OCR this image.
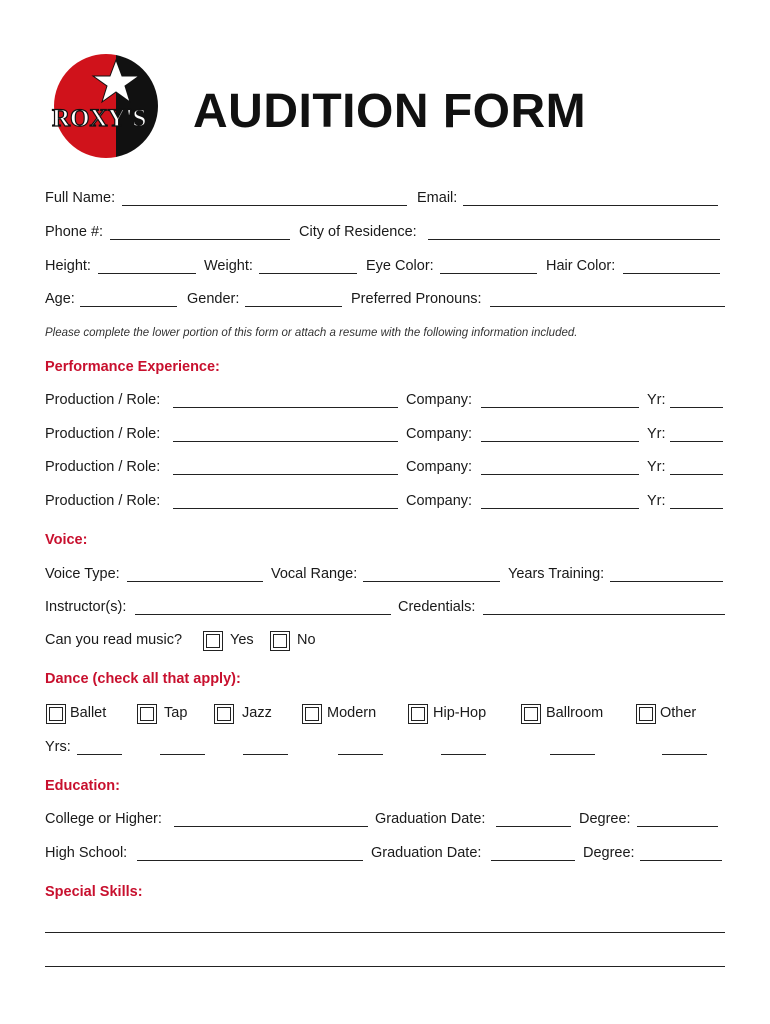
ROXY'S AUDITION FORM
Full Name:	Email:
Phone #:	City of Residence:
Height:	Weight:	Eye Color:	Hair Color:
Age:	Gender:	Preferred Pronouns:
Please complete the lower portion of this form or attach a resume with the following information included.
Performance Experience:
Production / Role:	Company:	Yr:
Production / Role:	Company:	Yr:
Production / Role:	Company:	Yr:
Production / Role:	Company:	Yr:
Voice:
Voice Type:	Vocal Range:	Years Training:
Instructor(s):	Credentials:
Can you read music?	Yes	No
Dance (check all that apply):
Ballet	Tap	Jazz	Modern	Hip-Hop	Ballroom	Other
Yrs:
Education:
College or Higher:	Graduation Date:	Degree:
High School:	Graduation Date:	Degree:
Special Skills:
